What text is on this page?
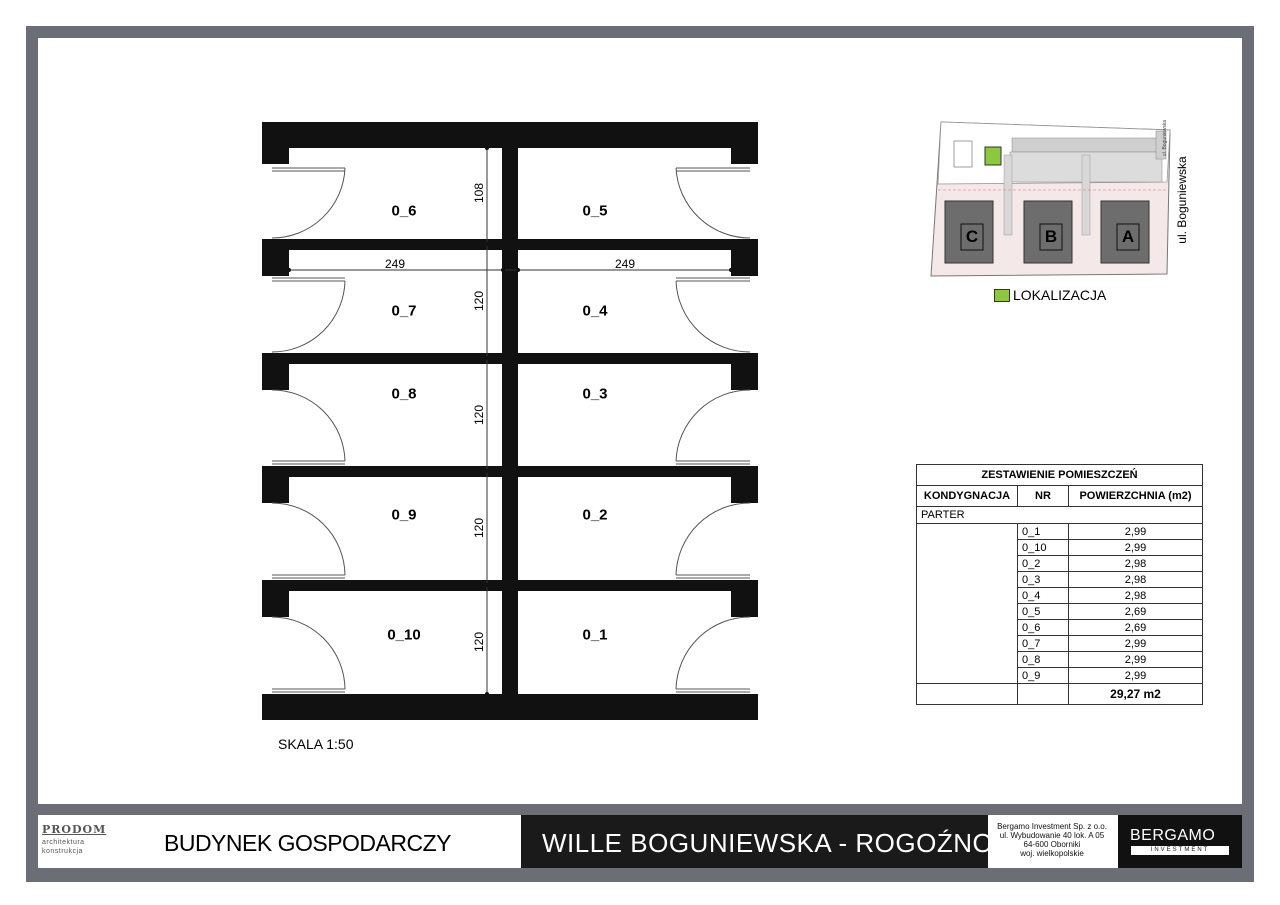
0_6
0_7
0_8
0_9
0_10
0_5
0_4
0_3
0_2
0_1
108
120
120
120
120
249	249
SKALA 1:50
C	B	A	ul. Boguniewska
ul. Boguniewska
LOKALIZACJA
ZESTAWIENIE POMIESZCZEŃ		
KONDYGNACJA	NR	POWIERZCHNIA (m2)
PARTER		
	0_1	2,99
	0_10	2,99
	0_2	2,98
	0_3	2,98
	0_4	2,98
	0_5	2,69
	0_6	2,69
	0_7	2,99
	0_8	2,99
	0_9	2,99
		29,27 m2
PRODOM
architektura
konstrukcja	BUDYNEK GOSPODARCZY	WILLE BOGUNIEWSKA - ROGOŹNO
Bergamo Investment Sp. z o.o.
ul. Wybudowanie 40 lok. A 05
64-600 Oborniki
woj. wielkopolskie
BERGAMO
INVESTMENT
